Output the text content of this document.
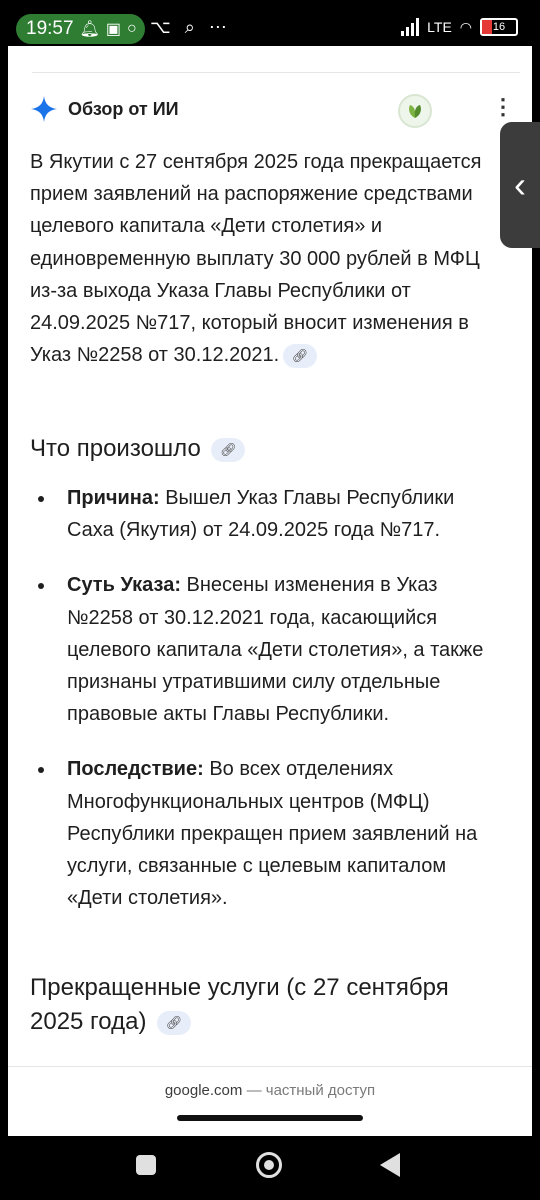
19:57 🔔︎ ▣ ○ ⌥ ⌕ ⋯	LTE ◠	16
Обзор от ИИ	⋮
В Якутии с 27 сентября 2025 года прекращается прием заявлений на распоряжение средствами целевого капитала «Дети столетия» и единовременную выплату 30 000 рублей в МФЦ из-за выхода Указа Главы Республики от 24.09.2025 №717, который вносит изменения в Указ №2258 от 30.12.2021. 🔗︎
Что произошло 🔗︎
Причина: Вышел Указ Главы Республики Саха (Якутия) от 24.09.2025 года №717.
Суть Указа: Внесены изменения в Указ №2258 от 30.12.2021 года, касающийся целевого капитала «Дети столетия», а также признаны утратившими силу отдельные правовые акты Главы Республики.
Последствие: Во всех отделениях Многофункциональных центров (МФЦ) Республики прекращен прием заявлений на услуги, связанные с целевым капиталом «Дети столетия».
Прекращенные услуги (с 27 сентября 2025 года) 🔗︎
google.com — частный доступ
‹
